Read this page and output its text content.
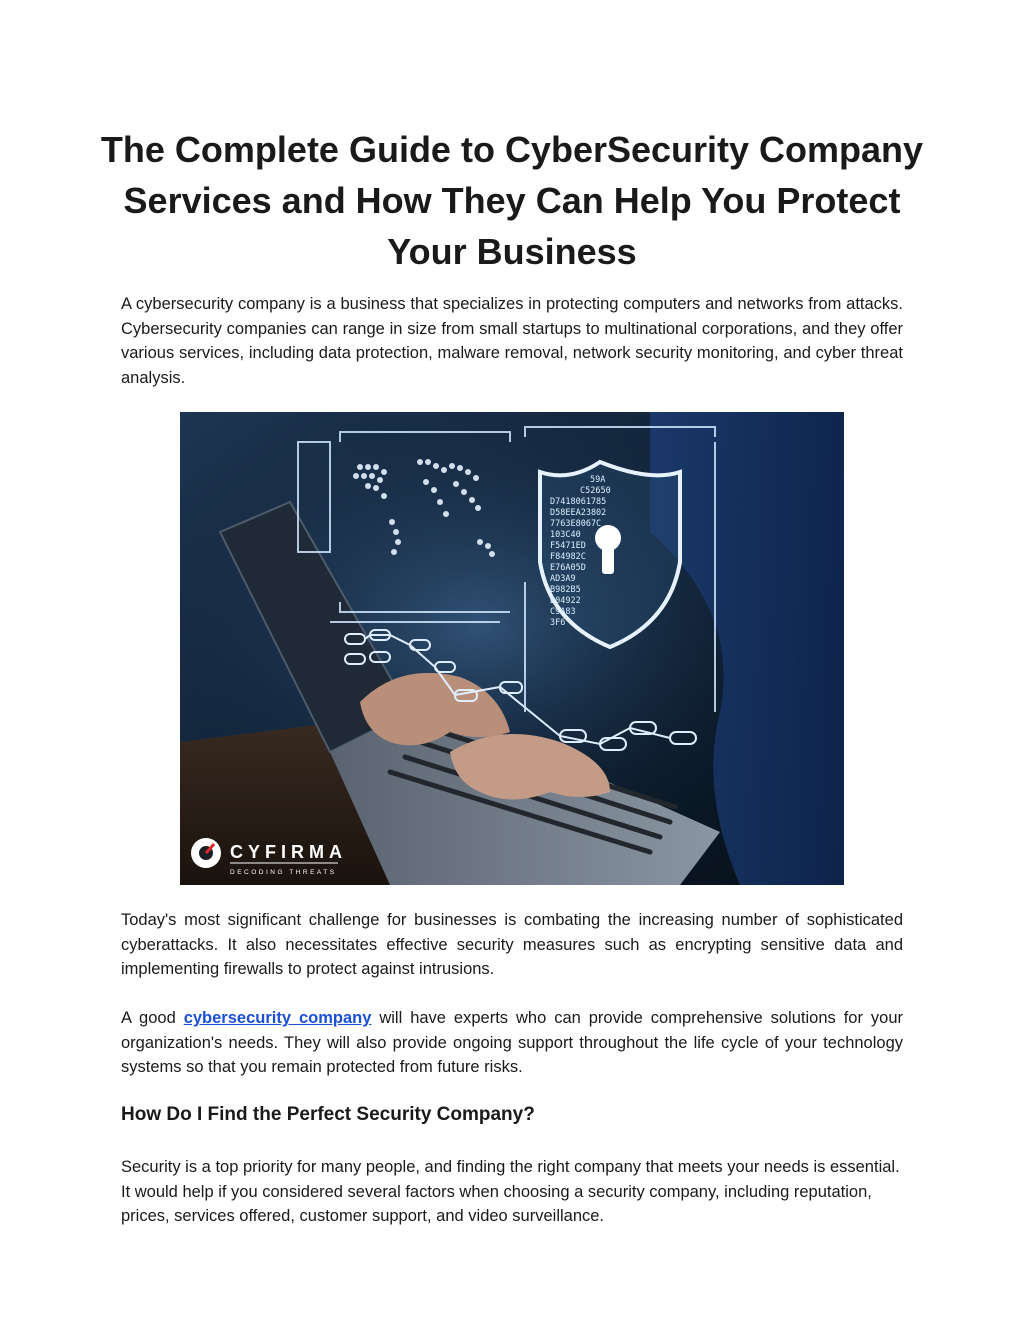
The Complete Guide to CyberSecurity Company Services and How They Can Help You Protect Your Business

A cybersecurity company is a business that specializes in protecting computers and networks from attacks. Cybersecurity companies can range in size from small startups to multinational corporations, and they offer various services, including data protection, malware removal, network security monitoring, and cyber threat analysis.

59A
C52650
D7418061785
D58EEA23802
7763E8067C
103C40
F5471ED
F84982C
E76A05D
AD3A9
B982B5
B04922
C9A83
3F6
CYFIRMA
DECODING THREATS

Today's most significant challenge for businesses is combating the increasing number of sophisticated cyberattacks. It also necessitates effective security measures such as encrypting sensitive data and implementing firewalls to protect against intrusions.

A good cybersecurity company will have experts who can provide comprehensive solutions for your organization's needs. They will also provide ongoing support throughout the life cycle of your technology systems so that you remain protected from future risks.

How Do I Find the Perfect Security Company?

Security is a top priority for many people, and finding the right company that meets your needs is essential. It would help if you considered several factors when choosing a security company, including reputation, prices, services offered, customer support, and video surveillance.
